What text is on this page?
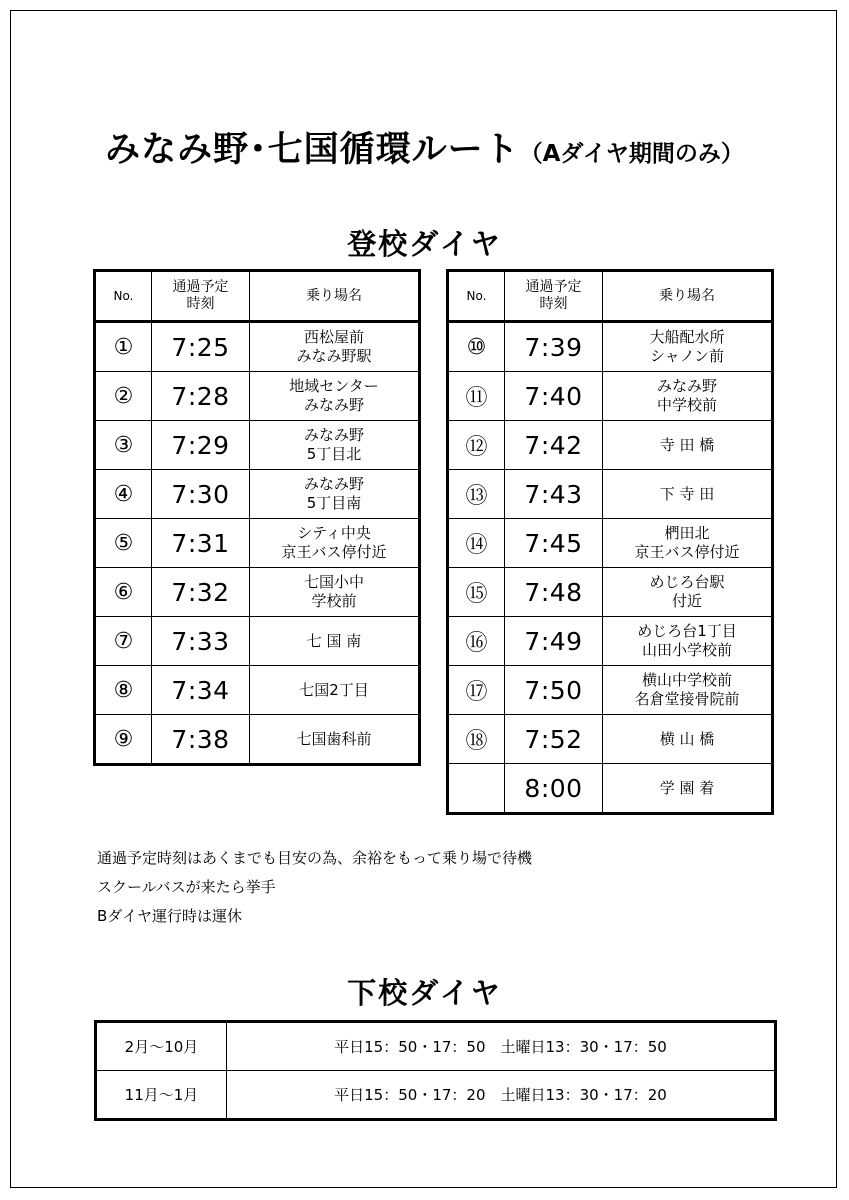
みなみ野･七国循環ルート（Aダイヤ期間のみ）
登校ダイヤ
No.	通過予定
時刻	乗り場名
①	7:25	西松屋前
みなみ野駅
②	7:28	地域センター
みなみ野
③	7:29	みなみ野
5丁目北
④	7:30	みなみ野
5丁目南
⑤	7:31	シティ中央
京王バス停付近
⑥	7:32	七国小中
学校前
⑦	7:33	七 国 南
⑧	7:34	七国2丁目
⑨	7:38	七国歯科前
No.	通過予定
時刻	乗り場名
⑩	7:39	大船配水所
シャノン前
⑪	7:40	みなみ野
中学校前
⑫	7:42	寺 田 橋
⑬	7:43	下 寺 田
⑭	7:45	椚田北
京王バス停付近
⑮	7:48	めじろ台駅
付近
⑯	7:49	めじろ台1丁目
山田小学校前
⑰	7:50	横山中学校前
名倉堂接骨院前
⑱	7:52	横 山 橋
	8:00	学 園 着
通過予定時刻はあくまでも目安の為、余裕をもって乗り場で待機
スクールバスが来たら挙手
Bダイヤ運行時は運休
下校ダイヤ
2月～10月	平日15：50・17：50　土曜日13：30・17：50
11月～1月	平日15：50・17：20　土曜日13：30・17：20
